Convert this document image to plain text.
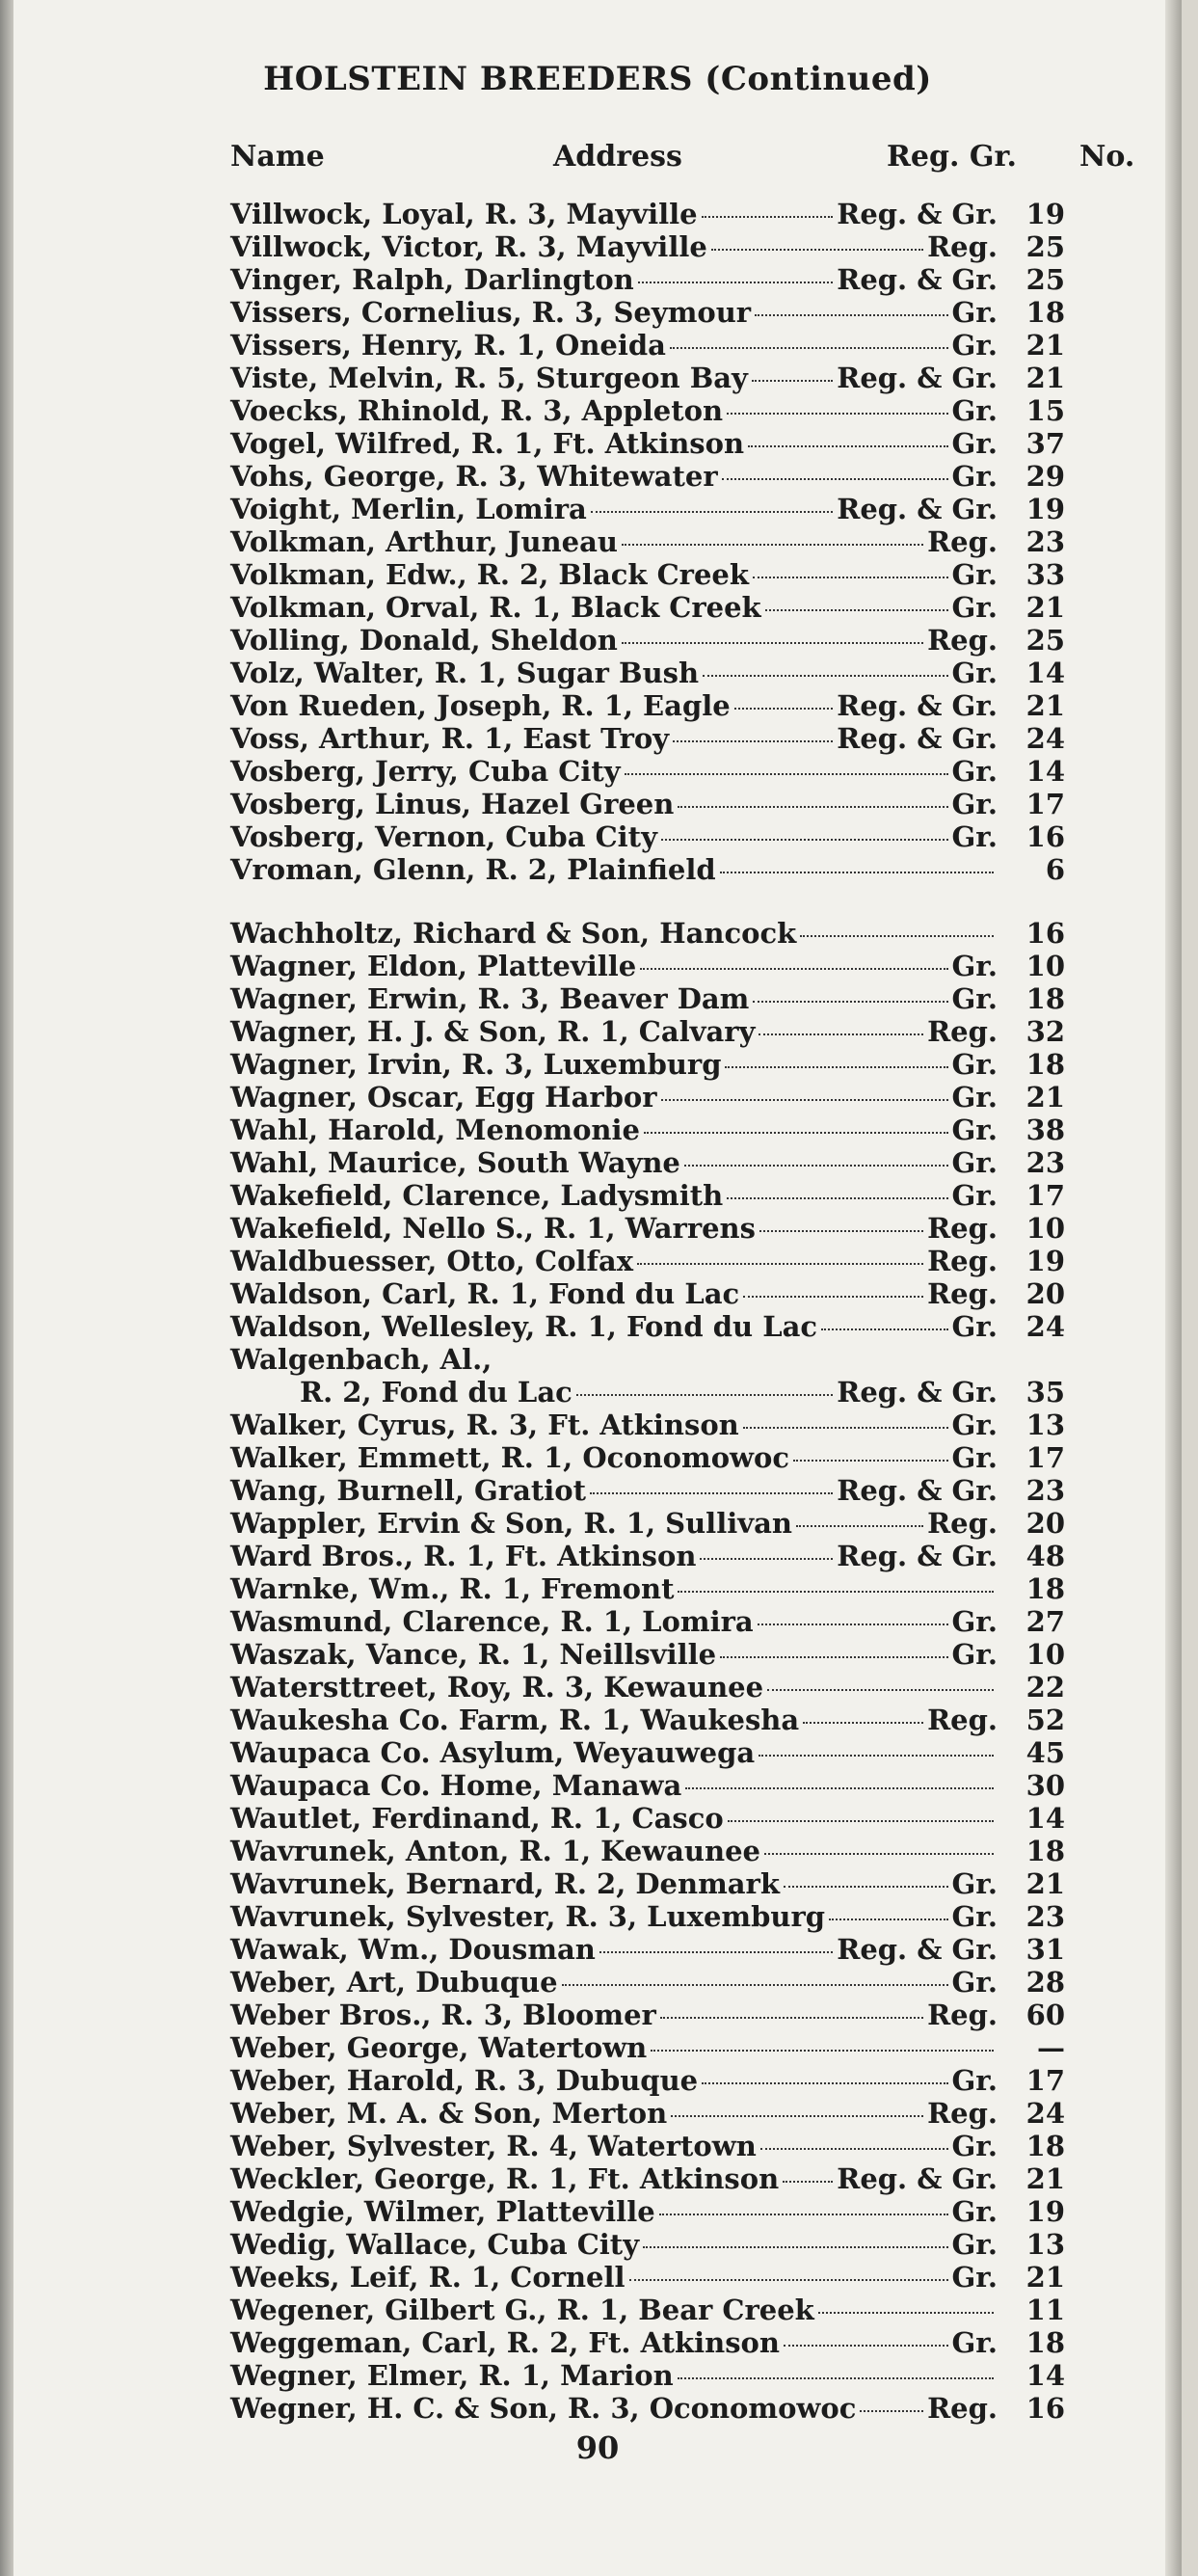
HOLSTEIN BREEDERS (Continued)
Name	Address	Reg. Gr. No.
Villwock, Loyal, R. 3, Mayville	Reg. & Gr.	19
Villwock, Victor, R. 3, Mayville	Reg.	25
Vinger, Ralph, Darlington	Reg. & Gr.	25
Vissers, Cornelius, R. 3, Seymour	Gr.	18
Vissers, Henry, R. 1, Oneida	Gr.	21
Viste, Melvin, R. 5, Sturgeon Bay	Reg. & Gr.	21
Voecks, Rhinold, R. 3, Appleton	Gr.	15
Vogel, Wilfred, R. 1, Ft. Atkinson	Gr.	37
Vohs, George, R. 3, Whitewater	Gr.	29
Voight, Merlin, Lomira	Reg. & Gr.	19
Volkman, Arthur, Juneau	Reg.	23
Volkman, Edw., R. 2, Black Creek	Gr.	33
Volkman, Orval, R. 1, Black Creek	Gr.	21
Volling, Donald, Sheldon	Reg.	25
Volz, Walter, R. 1, Sugar Bush	Gr.	14
Von Rueden, Joseph, R. 1, Eagle	Reg. & Gr.	21
Voss, Arthur, R. 1, East Troy	Reg. & Gr.	24
Vosberg, Jerry, Cuba City	Gr.	14
Vosberg, Linus, Hazel Green	Gr.	17
Vosberg, Vernon, Cuba City	Gr.	16
Vroman, Glenn, R. 2, Plainfield	6
Wachholtz, Richard & Son, Hancock	16
Wagner, Eldon, Platteville	Gr.	10
Wagner, Erwin, R. 3, Beaver Dam	Gr.	18
Wagner, H. J. & Son, R. 1, Calvary	Reg.	32
Wagner, Irvin, R. 3, Luxemburg	Gr.	18
Wagner, Oscar, Egg Harbor	Gr.	21
Wahl, Harold, Menomonie	Gr.	38
Wahl, Maurice, South Wayne	Gr.	23
Wakefield, Clarence, Ladysmith	Gr.	17
Wakefield, Nello S., R. 1, Warrens	Reg.	10
Waldbuesser, Otto, Colfax	Reg.	19
Waldson, Carl, R. 1, Fond du Lac	Reg.	20
Waldson, Wellesley, R. 1, Fond du Lac	Gr.	24
Walgenbach, Al.,
R. 2, Fond du Lac	Reg. & Gr.	35
Walker, Cyrus, R. 3, Ft. Atkinson	Gr.	13
Walker, Emmett, R. 1, Oconomowoc	Gr.	17
Wang, Burnell, Gratiot	Reg. & Gr.	23
Wappler, Ervin & Son, R. 1, Sullivan	Reg.	20
Ward Bros., R. 1, Ft. Atkinson	Reg. & Gr.	48
Warnke, Wm., R. 1, Fremont	18
Wasmund, Clarence, R. 1, Lomira	Gr.	27
Waszak, Vance, R. 1, Neillsville	Gr.	10
Watersttreet, Roy, R. 3, Kewaunee	22
Waukesha Co. Farm, R. 1, Waukesha	Reg.	52
Waupaca Co. Asylum, Weyauwega	45
Waupaca Co. Home, Manawa	30
Wautlet, Ferdinand, R. 1, Casco	14
Wavrunek, Anton, R. 1, Kewaunee	18
Wavrunek, Bernard, R. 2, Denmark	Gr.	21
Wavrunek, Sylvester, R. 3, Luxemburg	Gr.	23
Wawak, Wm., Dousman	Reg. & Gr.	31
Weber, Art, Dubuque	Gr.	28
Weber Bros., R. 3, Bloomer	Reg.	60
Weber, George, Watertown	—
Weber, Harold, R. 3, Dubuque	Gr.	17
Weber, M. A. & Son, Merton	Reg.	24
Weber, Sylvester, R. 4, Watertown	Gr.	18
Weckler, George, R. 1, Ft. Atkinson Reg. & Gr.	21
Wedgie, Wilmer, Platteville	Gr.	19
Wedig, Wallace, Cuba City	Gr.	13
Weeks, Leif, R. 1, Cornell	Gr.	21
Wegener, Gilbert G., R. 1, Bear Creek	11
Weggeman, Carl, R. 2, Ft. Atkinson	Gr.	18
Wegner, Elmer, R. 1, Marion	14
Wegner, H. C. & Son, R. 3, Oconomowoc	Reg.	16
90
